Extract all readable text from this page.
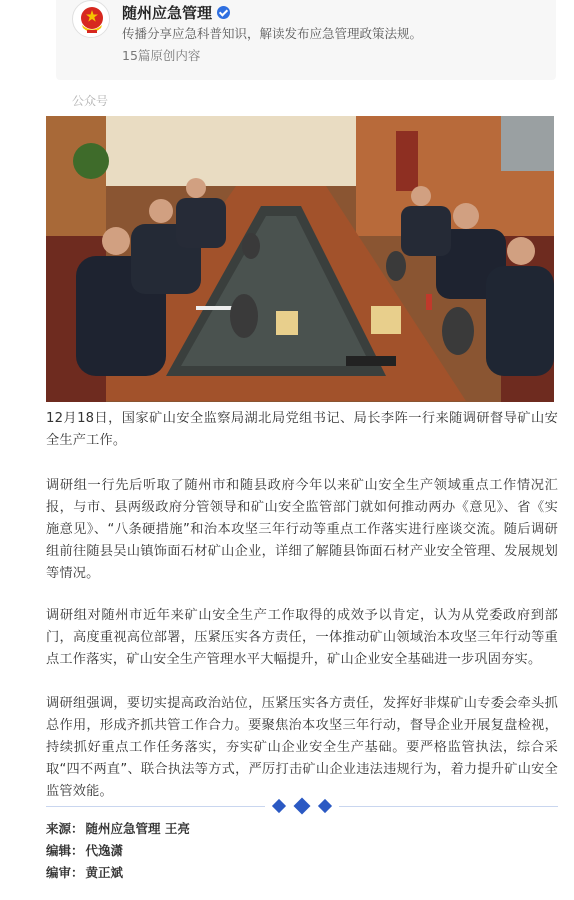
随州应急管理
传播分享应急科普知识，解读发布应急管理政策法规。
15篇原创内容
公众号

12月18日，国家矿山安全监察局湖北局党组书记、局长李阵一行来随调研督导矿山安全生产工作。

调研组一行先后听取了随州市和随县政府今年以来矿山安全生产领域重点工作情况汇报，与市、县两级政府分管领导和矿山安全监管部门就如何推动两办《意见》、省《实施意见》、“八条硬措施”和治本攻坚三年行动等重点工作落实进行座谈交流。随后调研组前往随县吴山镇饰面石材矿山企业，详细了解随县饰面石材产业安全管理、发展规划等情况。

调研组对随州市近年来矿山安全生产工作取得的成效予以肯定，认为从党委政府到部门，高度重视高位部署，压紧压实各方责任，一体推动矿山领域治本攻坚三年行动等重点工作落实，矿山安全生产管理水平大幅提升，矿山企业安全基础进一步巩固夯实。

调研组强调，要切实提高政治站位，压紧压实各方责任，发挥好非煤矿山专委会牵头抓总作用，形成齐抓共管工作合力。要聚焦治本攻坚三年行动，督导企业开展复盘检视，持续抓好重点工作任务落实，夯实矿山企业安全生产基础。要严格监管执法，综合采取“四不两直”、联合执法等方式，严厉打击矿山企业违法违规行为，着力提升矿山安全监管效能。

来源： 随州应急管理 王亮
编辑： 代逸潇
编审： 黄正斌
